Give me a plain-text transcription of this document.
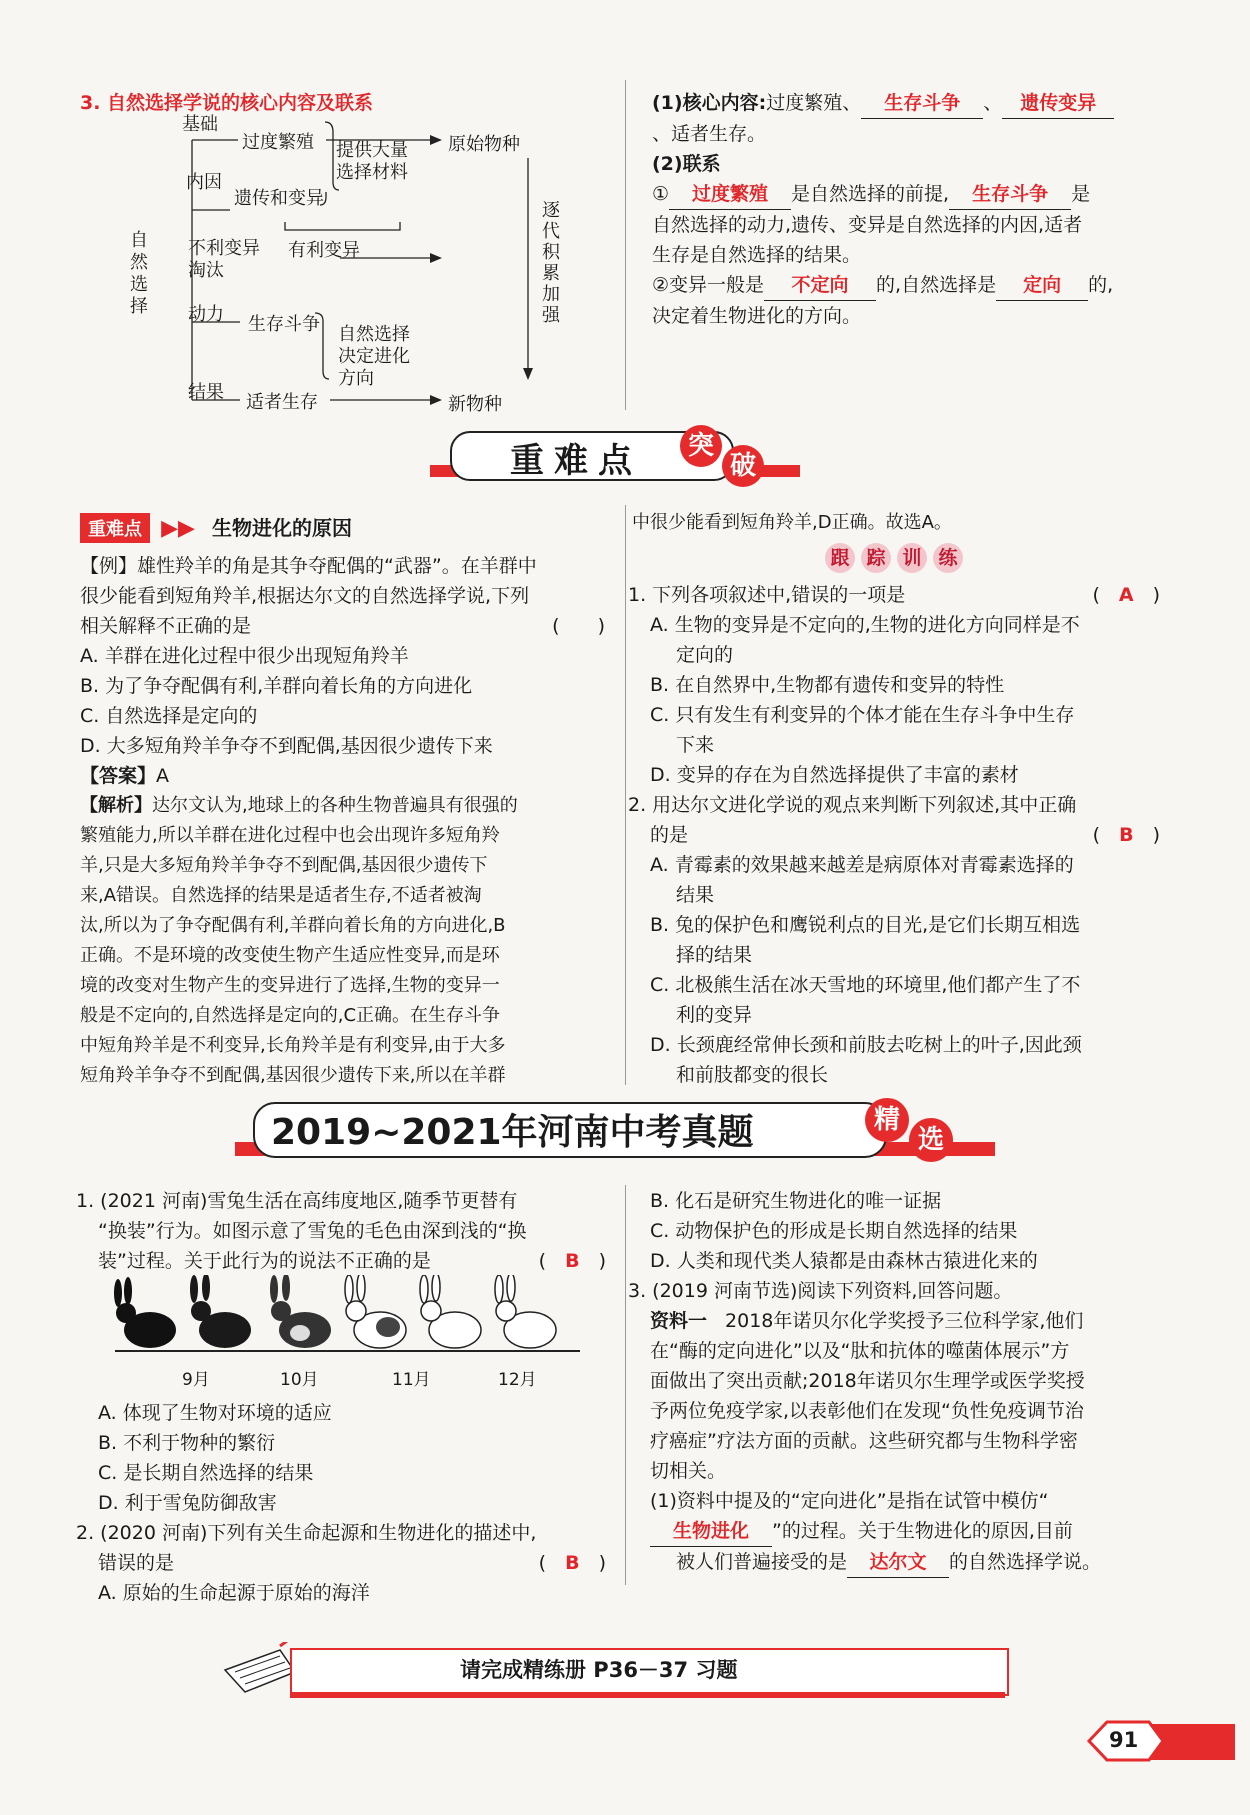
3. 自然选择学说的核心内容及联系
自然选择
基础
过度繁殖 提供大量选择材料
原始物种
内因
遗传和变异
不利变异淘汰
有利变异
逐代积累加强
动力 生存斗争 自然选择决定进化方向
结果 适者生存	新物种
(1)核心内容:过度繁殖、 生存斗争 、 遗传变异
、适者生存。
(2)联系
① 过度繁殖 是自然选择的前提, 生存斗争 是
自然选择的动力,遗传、变异是自然选择的内因,适者
生存是自然选择的结果。
②变异一般是 不定向 的,自然选择是 定向 的,
决定着生物进化的方向。
重难点	突
破
重难点 ▶▶ 生物进化的原因
【例】雄性羚羊的角是其争夺配偶的“武器”。在羊群中
很少能看到短角羚羊,根据达尔文的自然选择学说,下列
相关解释不正确的是	(　　)
A. 羊群在进化过程中很少出现短角羚羊
B. 为了争夺配偶有利,羊群向着长角的方向进化
C. 自然选择是定向的
D. 大多短角羚羊争夺不到配偶,基因很少遗传下来
【答案】A
【解析】达尔文认为,地球上的各种生物普遍具有很强的
繁殖能力,所以羊群在进化过程中也会出现许多短角羚
羊,只是大多短角羚羊争夺不到配偶,基因很少遗传下
来,A错误。自然选择的结果是适者生存,不适者被淘
汰,所以为了争夺配偶有利,羊群向着长角的方向进化,B
正确。不是环境的改变使生物产生适应性变异,而是环
境的改变对生物产生的变异进行了选择,生物的变异一
般是不定向的,自然选择是定向的,C正确。在生存斗争
中短角羚羊是不利变异,长角羚羊是有利变异,由于大多
短角羚羊争夺不到配偶,基因很少遗传下来,所以在羊群
中很少能看到短角羚羊,D正确。故选A。
跟 踪 训 练
1. 下列各项叙述中,错误的一项是	(　A　)
A. 生物的变异是不定向的,生物的进化方向同样是不
定向的
B. 在自然界中,生物都有遗传和变异的特性
C. 只有发生有利变异的个体才能在生存斗争中生存
下来
D. 变异的存在为自然选择提供了丰富的素材
2. 用达尔文进化学说的观点来判断下列叙述,其中正确
的是	(　B　)
A. 青霉素的效果越来越差是病原体对青霉素选择的
结果
B. 兔的保护色和鹰锐利点的目光,是它们长期互相选
择的结果
C. 北极熊生活在冰天雪地的环境里,他们都产生了不
利的变异
D. 长颈鹿经常伸长颈和前肢去吃树上的叶子,因此颈
和前肢都变的很长
2019~2021年河南中考真题	精
选
1. (2021 河南)雪兔生活在高纬度地区,随季节更替有
“换装”行为。如图示意了雪兔的毛色由深到浅的“换
装”过程。关于此行为的说法不正确的是	(　B　)
9月	10月	11月	12月
A. 体现了生物对环境的适应
B. 不利于物种的繁衍
C. 是长期自然选择的结果
D. 利于雪兔防御敌害
2. (2020 河南)下列有关生命起源和生物进化的描述中,
错误的是	(　B　)
A. 原始的生命起源于原始的海洋
B. 化石是研究生物进化的唯一证据
C. 动物保护色的形成是长期自然选择的结果
D. 人类和现代类人猿都是由森林古猿进化来的
3. (2019 河南节选)阅读下列资料,回答问题。
资料一 2018年诺贝尔化学奖授予三位科学家,他们
在“酶的定向进化”以及“肽和抗体的噬菌体展示”方
面做出了突出贡献;2018年诺贝尔生理学或医学奖授
予两位免疫学家,以表彰他们在发现“负性免疫调节治
疗癌症”疗法方面的贡献。这些研究都与生物科学密
切相关。
(1)资料中提及的“定向进化”是指在试管中模仿“
生物进化 ”的过程。关于生物进化的原因,目前
被人们普遍接受的是 达尔文 的自然选择学说。
请完成精练册 P36－37 习题
91
